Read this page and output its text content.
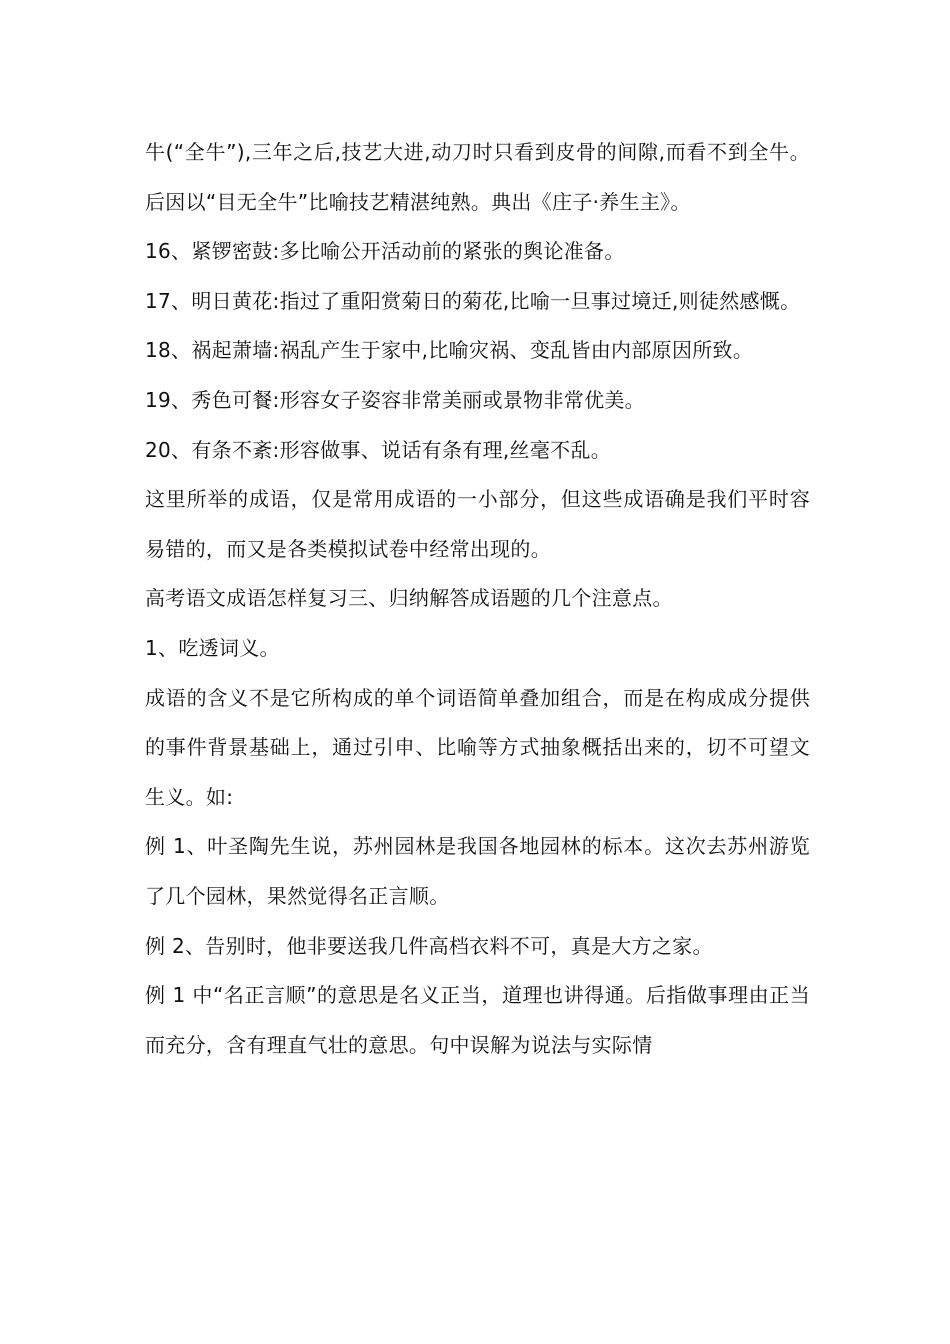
牛(“全牛”),三年之后,技艺大进,动刀时只看到皮骨的间隙,而看不到全牛。后因以“目无全牛”比喻技艺精湛纯熟。典出《庄子·养生主》。

16、紧锣密鼓:多比喻公开活动前的紧张的舆论准备。

17、明日黄花:指过了重阳赏菊日的菊花,比喻一旦事过境迁,则徒然感慨。

18、祸起萧墙:祸乱产生于家中,比喻灾祸、变乱皆由内部原因所致。

19、秀色可餐:形容女子姿容非常美丽或景物非常优美。

20、有条不紊:形容做事、说话有条有理,丝毫不乱。

这里所举的成语，仅是常用成语的一小部分，但这些成语确是我们平时容易错的，而又是各类模拟试卷中经常出现的。

高考语文成语怎样复习三、归纳解答成语题的几个注意点。

1、吃透词义。

成语的含义不是它所构成的单个词语简单叠加组合，而是在构成成分提供的事件背景基础上，通过引申、比喻等方式抽象概括出来的，切不可望文生义。如:

例 1、叶圣陶先生说，苏州园林是我国各地园林的标本。这次去苏州游览了几个园林，果然觉得名正言顺。

例 2、告别时，他非要送我几件高档衣料不可，真是大方之家。

例 1 中“名正言顺”的意思是名义正当，道理也讲得通。后指做事理由正当而充分，含有理直气壮的意思。句中误解为说法与实际情
